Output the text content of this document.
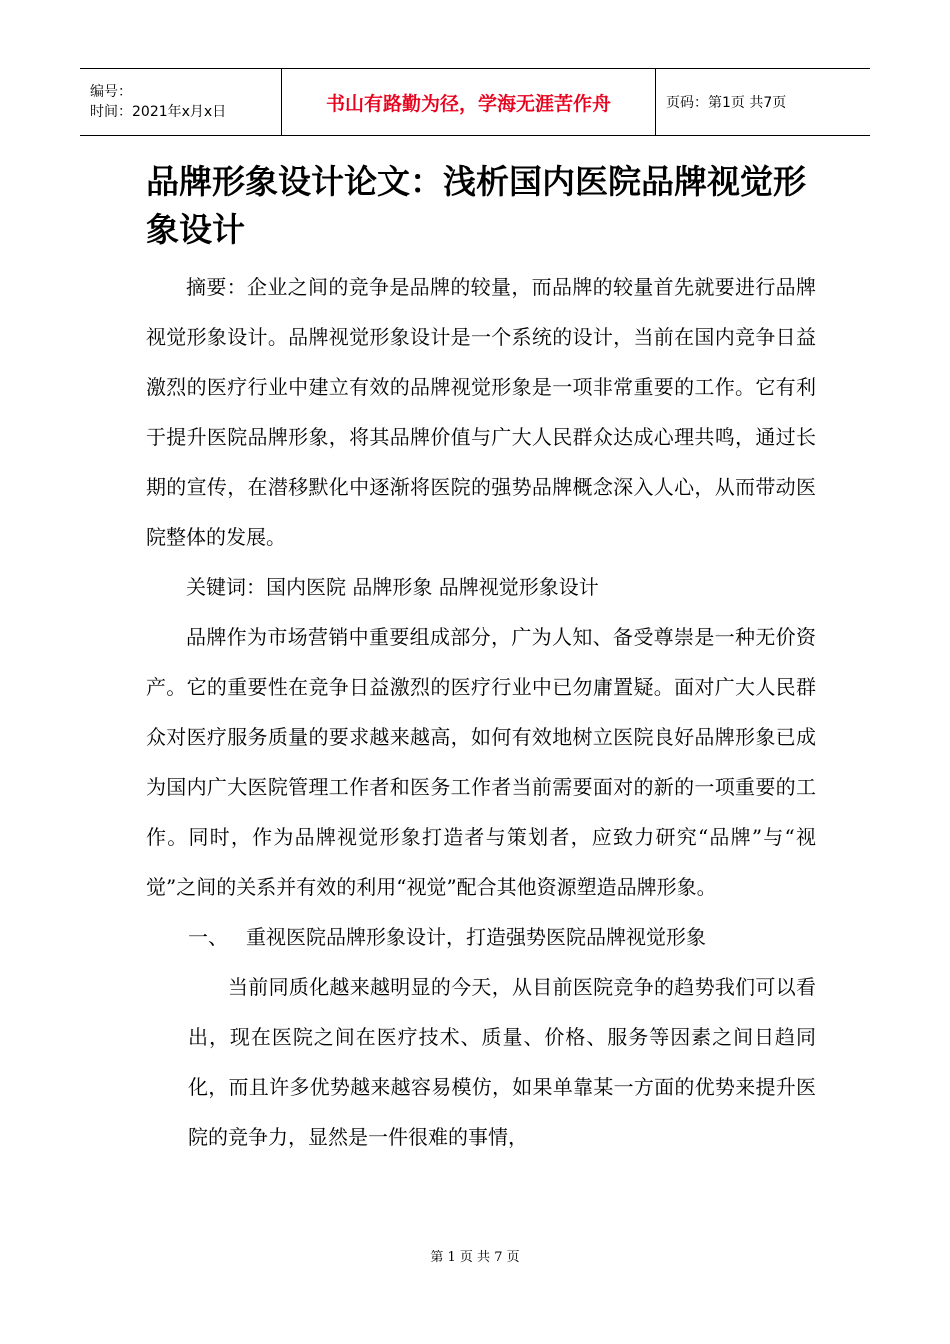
编号：
时间：2021年x月x日	书山有路勤为径，学海无涯苦作舟	页码：第1页 共7页
品牌形象设计论文：浅析国内医院品牌视觉形象设计

摘要：企业之间的竞争是品牌的较量，而品牌的较量首先就要进行品牌视觉形象设计。品牌视觉形象设计是一个系统的设计，当前在国内竞争日益激烈的医疗行业中建立有效的品牌视觉形象是一项非常重要的工作。它有利于提升医院品牌形象，将其品牌价值与广大人民群众达成心理共鸣，通过长期的宣传，在潜移默化中逐渐将医院的强势品牌概念深入人心，从而带动医院整体的发展。

关键词：国内医院 品牌形象 品牌视觉形象设计

品牌作为市场营销中重要组成部分，广为人知、备受尊崇是一种无价资产。它的重要性在竞争日益激烈的医疗行业中已勿庸置疑。面对广大人民群众对医疗服务质量的要求越来越高，如何有效地树立医院良好品牌形象已成为国内广大医院管理工作者和医务工作者当前需要面对的新的一项重要的工作。同时，作为品牌视觉形象打造者与策划者，应致力研究“品牌”与“视觉”之间的关系并有效的利用“视觉”配合其他资源塑造品牌形象。

一、 重视医院品牌形象设计，打造强势医院品牌视觉形象

当前同质化越来越明显的今天，从目前医院竞争的趋势我们可以看出，现在医院之间在医疗技术、质量、价格、服务等因素之间日趋同化，而且许多优势越来越容易模仿，如果单靠某一方面的优势来提升医院的竞争力，显然是一件很难的事情，

第 1 页 共 7 页
